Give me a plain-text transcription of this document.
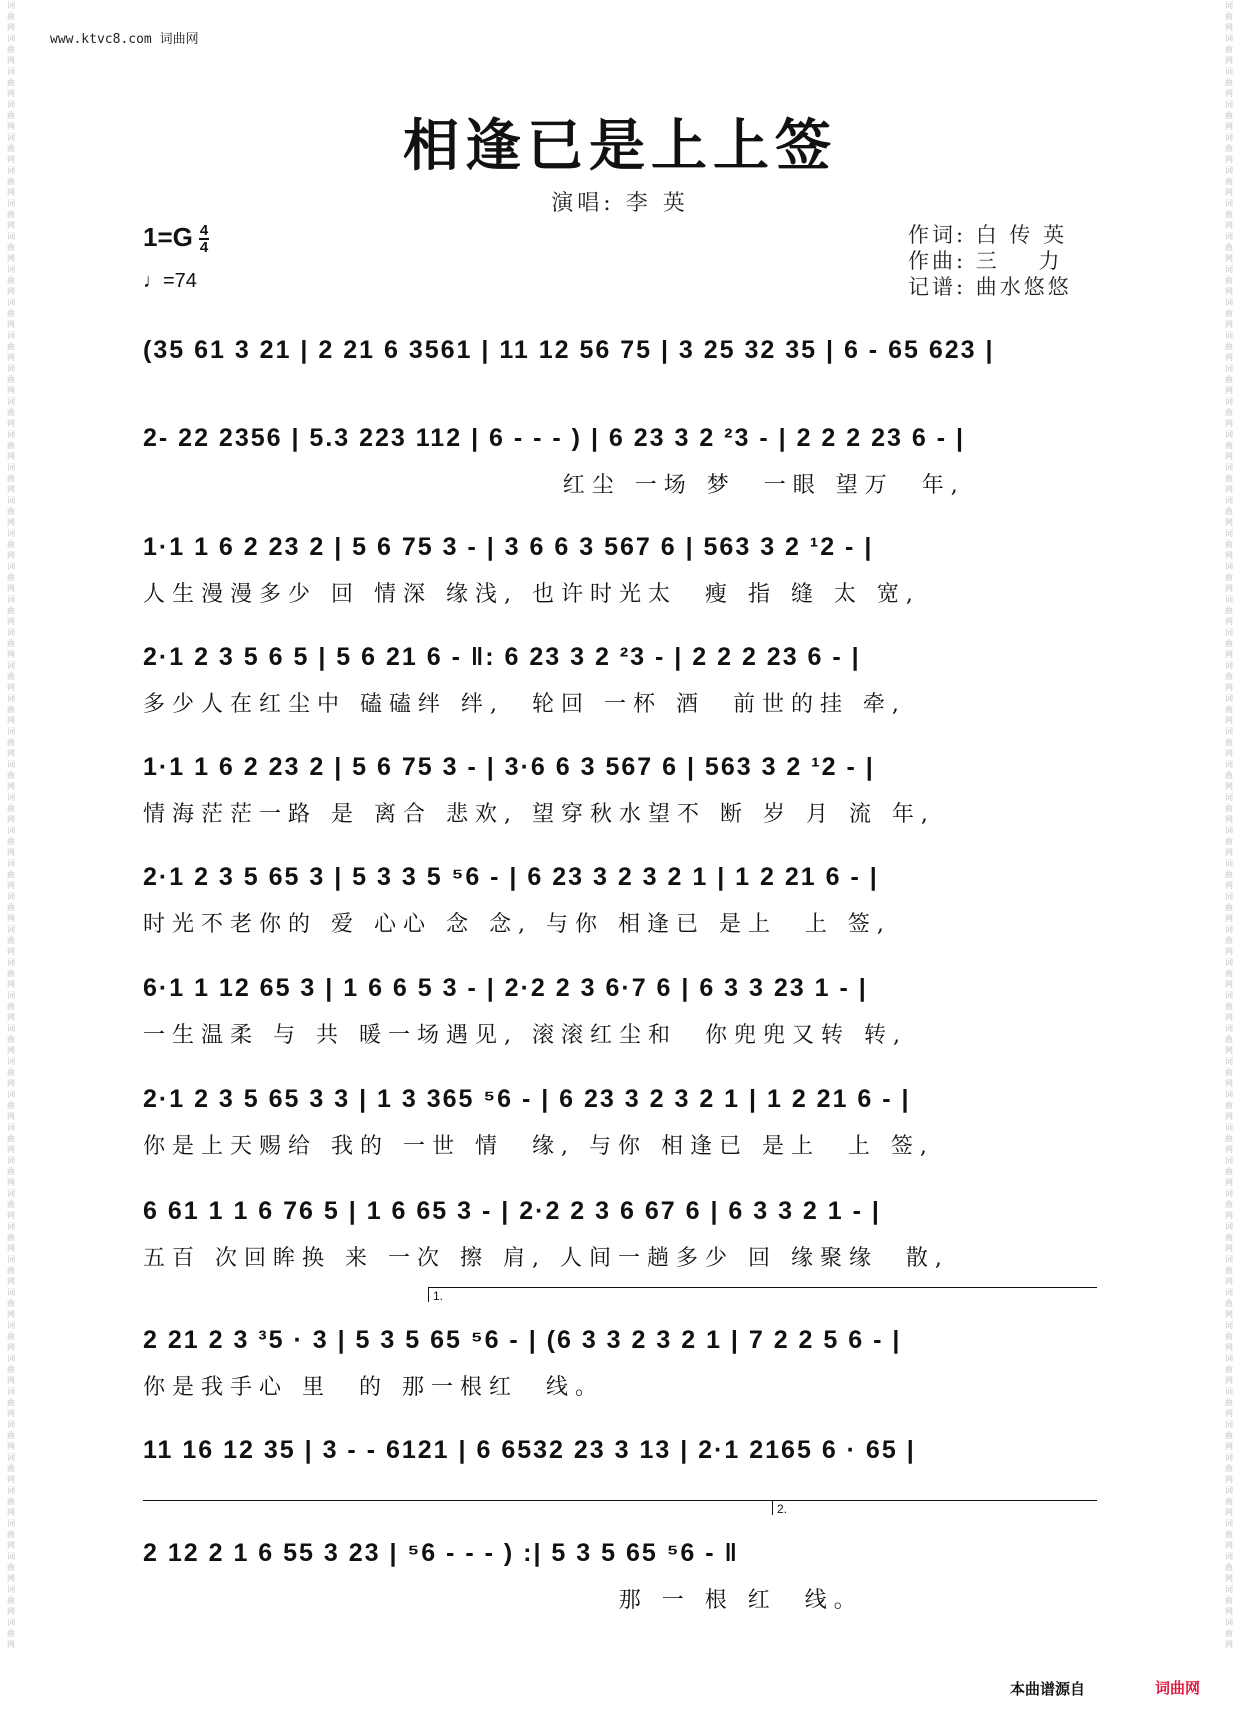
词曲网词曲网词曲网词曲网词曲网词曲网词曲网词曲网词曲网词曲网词曲网词曲网词曲网词曲网词曲网词曲网词曲网词曲网词曲网词曲网词曲网词曲网词曲网词曲网词曲网词曲网词曲网词曲网词曲网词曲网词曲网词曲网词曲网词曲网词曲网词曲网词曲网词曲网词曲网词曲网词曲网词曲网词曲网词曲网词曲网词曲网词曲网词曲网词曲网词曲网
词曲网词曲网词曲网词曲网词曲网词曲网词曲网词曲网词曲网词曲网词曲网词曲网词曲网词曲网词曲网词曲网词曲网词曲网词曲网词曲网词曲网词曲网词曲网词曲网词曲网词曲网词曲网词曲网词曲网词曲网词曲网词曲网词曲网词曲网词曲网词曲网词曲网词曲网词曲网词曲网词曲网词曲网词曲网词曲网词曲网词曲网词曲网词曲网词曲网词曲网
www.ktvc8.com 词曲网
相逢已是上上签
演唱: 李 英
$1=G \frac{4}{4}$
♩=74
作词: 白 传 英
作曲: 三    力
记谱: 曲水悠悠
(35 61 3 21 | 2 21 6 3561 | 11 12 56 75 | 3 25 32 35 | 6 - 65 623 |
2- 22 2356 | 5.3 223 112 | 6 - - - ) | 6 23 3 2 ²3 - | 2 2 2 23 6 - |
红尘 一场 梦  一眼 望万  年,
1·1 1 6 2 23 2 | 5 6 75 3 - | 3 6 6 3 567 6 | 563 3 2 ¹2 - |
人生漫漫多少 回 情深 缘浅, 也许时光太  瘦 指 缝 太 宽,
2·1 2 3 5 6 5 | 5 6 21 6 - ‖: 6 23 3 2 ²3 - | 2 2 2 23 6 - |
多少人在红尘中 磕磕绊 绊,  轮回 一杯 酒  前世的挂 牵,
1·1 1 6 2 23 2 | 5 6 75 3 - | 3·6 6 3 567 6 | 563 3 2 ¹2 - |
情海茫茫一路 是 离合 悲欢, 望穿秋水望不 断 岁 月 流 年,
2·1 2 3 5 65 3 | 5 3 3 5 ⁵6 - | 6 23 3 2 3 2 1 | 1 2 21 6 - |
时光不老你的 爱 心心 念 念, 与你 相逢已 是上  上 签,
6·1 1 12 65 3 | 1 6 6 5 3 - | 2·2 2 3 6·7 6 | 6 3 3 23 1 - |
一生温柔 与 共 暖一场遇见, 滚滚红尘和  你兜兜又转 转,
2·1 2 3 5 65 3 3 | 1 3 365 ⁵6 - | 6 23 3 2 3 2 1 | 1 2 21 6 - |
你是上天赐给 我的 一世 情  缘, 与你 相逢已 是上  上 签,
6 61 1 1 6 76 5 | 1 6 65 3 - | 2·2 2 3 6 67 6 | 6 3 3 2 1 - |
五百 次回眸换 来 一次 擦 肩, 人间一趟多少 回 缘聚缘  散,
1.
2 21 2 3 ³5 · 3 | 5 3 5 65 ⁵6 - | (6 3 3 2 3 2 1 | 7 2 2 5 6 - |
你是我手心 里  的 那一根红  线。
11 16 12 35 | 3 - - 6121 | 6 6532 23 3 13 | 2·1 2165 6 · 65 |
2.
2 12 2 1 6 55 3 23 | ⁵6 - - - ) :| 5 3 5 65 ⁵6 - ‖
那 一 根 红  线。
本曲谱源自	词曲网
